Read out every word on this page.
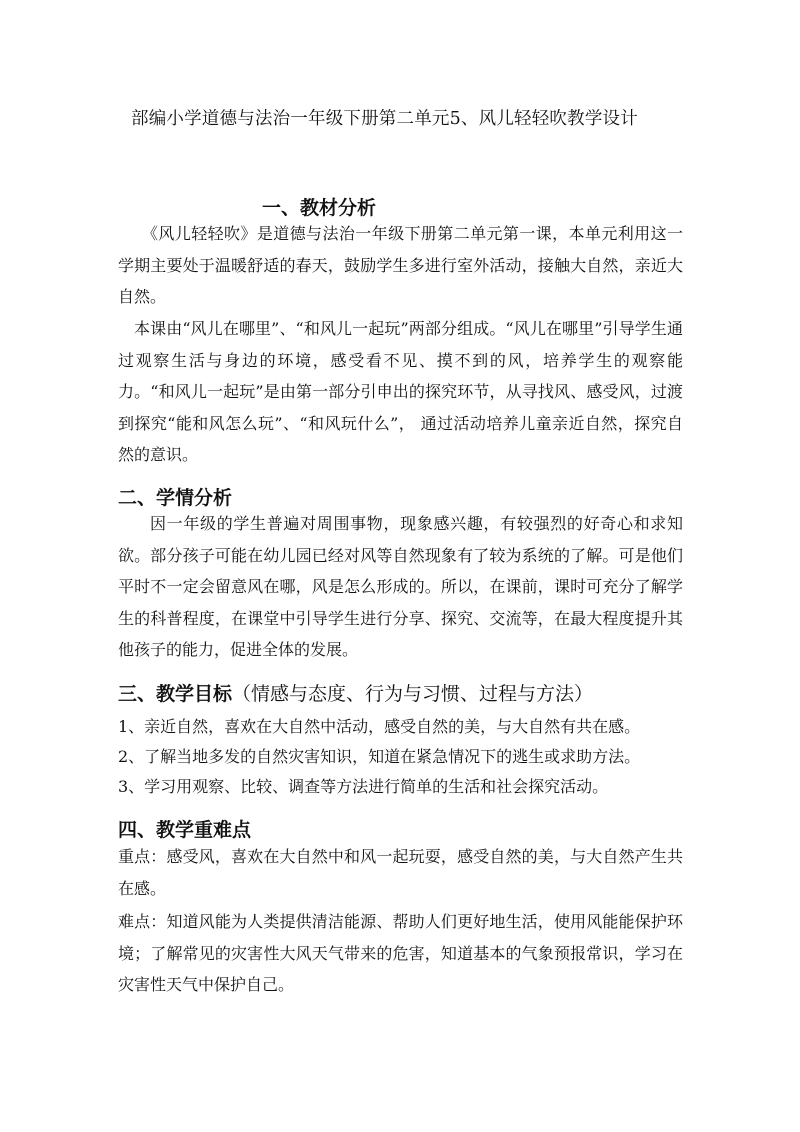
部编小学道德与法治一年级下册第二单元5、风儿轻轻吹教学设计
一、教材分析
《风儿轻轻吹》是道德与法治一年级下册第二单元第一课，本单元利用这一学期主要处于温暖舒适的春天，鼓励学生多进行室外活动，接触大自然，亲近大自然。
本课由“风儿在哪里”、“和风儿一起玩”两部分组成。“风儿在哪里”引导学生通过观察生活与身边的环境，感受看不见、摸不到的风，培养学生的观察能力。“和风儿一起玩”是由第一部分引申出的探究环节，从寻找风、感受风，过渡到探究“能和风怎么玩”、“和风玩什么”， 通过活动培养儿童亲近自然，探究自然的意识。
二、学情分析
因一年级的学生普遍对周围事物，现象感兴趣，有较强烈的好奇心和求知欲。部分孩子可能在幼儿园已经对风等自然现象有了较为系统的了解。可是他们平时不一定会留意风在哪，风是怎么形成的。所以，在课前，课时可充分了解学生的科普程度，在课堂中引导学生进行分享、探究、交流等，在最大程度提升其他孩子的能力，促进全体的发展。
三、教学目标（情感与态度、行为与习惯、过程与方法）
1、亲近自然，喜欢在大自然中活动，感受自然的美，与大自然有共在感。
2、了解当地多发的自然灾害知识，知道在紧急情况下的逃生或求助方法。
3、学习用观察、比较、调查等方法进行简单的生活和社会探究活动。
四、教学重难点
重点：感受风，喜欢在大自然中和风一起玩耍，感受自然的美，与大自然产生共在感。
难点：知道风能为人类提供清洁能源、帮助人们更好地生活，使用风能能保护环境；了解常见的灾害性大风天气带来的危害，知道基本的气象预报常识，学习在灾害性天气中保护自己。
